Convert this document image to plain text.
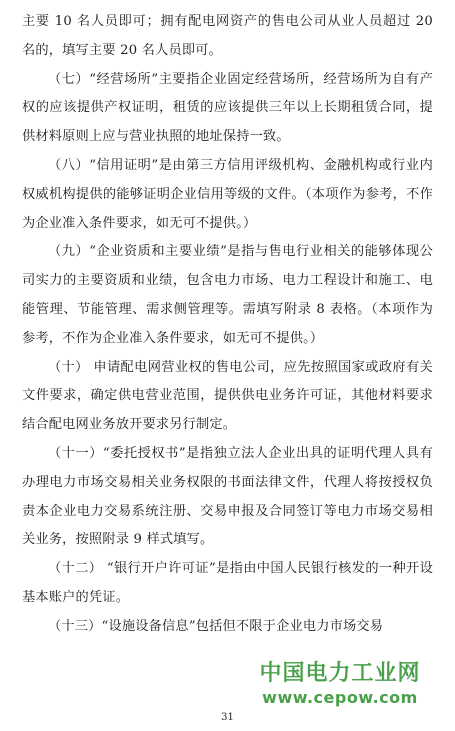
主要 10 名人员即可；拥有配电网资产的售电公司从业人员超过 20 名的，填写主要 20 名人员即可。

（七）“经营场所”主要指企业固定经营场所，经营场所为自有产权的应该提供产权证明，租赁的应该提供三年以上长期租赁合同，提供材料原则上应与营业执照的地址保持一致。

（八）“信用证明”是由第三方信用评级机构、金融机构或行业内权威机构提供的能够证明企业信用等级的文件。（本项作为参考，不作为企业准入条件要求，如无可不提供。）

（九）“企业资质和主要业绩”是指与售电行业相关的能够体现公司实力的主要资质和业绩，包含电力市场、电力工程设计和施工、电能管理、节能管理、需求侧管理等。需填写附录 8 表格。（本项作为参考，不作为企业准入条件要求，如无可不提供。）

（十） 申请配电网营业权的售电公司，应先按照国家或政府有关文件要求，确定供电营业范围，提供供电业务许可证，其他材料要求结合配电网业务放开要求另行制定。

（十一）“委托授权书”是指独立法人企业出具的证明代理人具有办理电力市场交易相关业务权限的书面法律文件，代理人将按授权负责本企业电力交易系统注册、交易申报及合同签订等电力市场交易相关业务，按照附录 9 样式填写。

（十二） “银行开户许可证”是指由中国人民银行核发的一种开设基本账户的凭证。

（十三）“设施设备信息”包括但不限于企业电力市场交易

中国电力工业网
www.cepow.com
31
